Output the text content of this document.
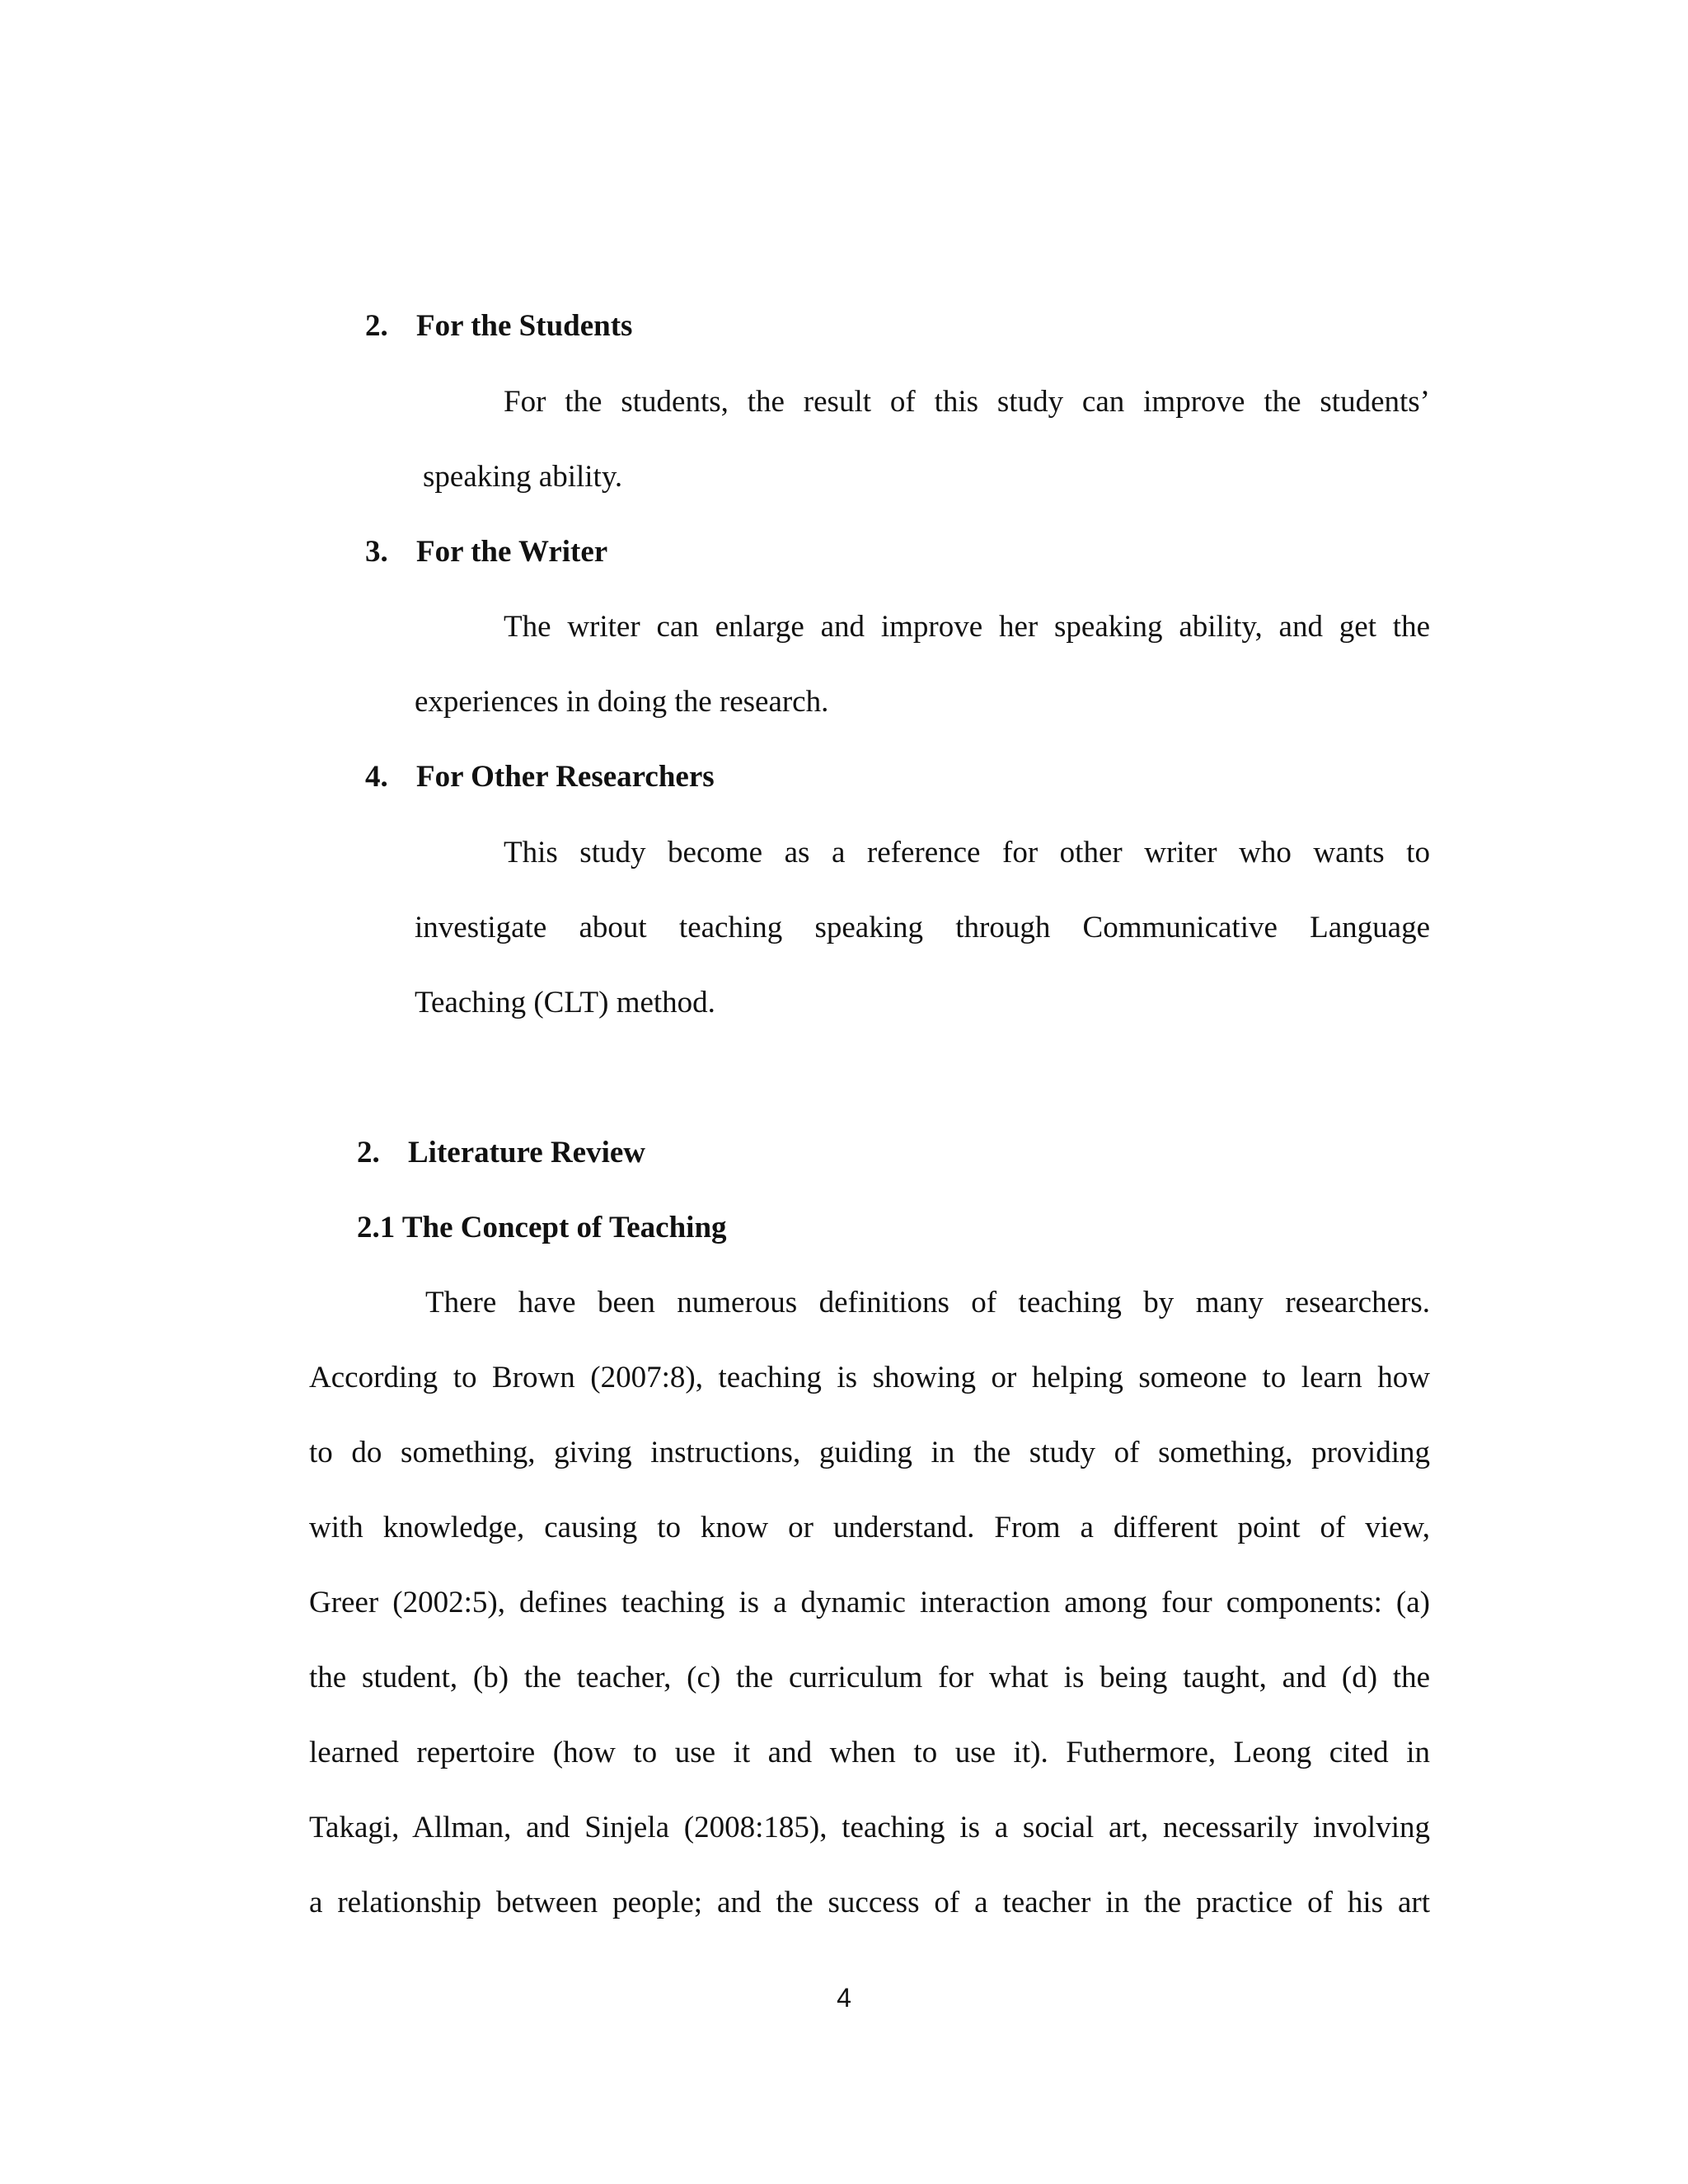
2. For the Students
For the students, the result of this study can improve the students’
speaking ability.
3. For the Writer
The writer can enlarge and improve her speaking ability, and get the
experiences in doing the research.
4. For Other Researchers
This study become as a reference for other writer who wants to
investigate about teaching speaking through Communicative Language
Teaching (CLT) method.
2. Literature Review
2.1 The Concept of Teaching
There have been numerous definitions of teaching by many researchers.
According to Brown (2007:8), teaching is showing or helping someone to learn how
to do something, giving instructions, guiding in the study of something, providing
with knowledge, causing to know or understand. From a different point of view,
Greer (2002:5), defines teaching is a dynamic interaction among four components: (a)
the student, (b) the teacher, (c) the curriculum for what is being taught, and (d) the
learned repertoire (how to use it and when to use it). Futhermore, Leong cited in
Takagi, Allman, and Sinjela (2008:185), teaching is a social art, necessarily involving
a relationship between people; and the success of a teacher in the practice of his art
4
